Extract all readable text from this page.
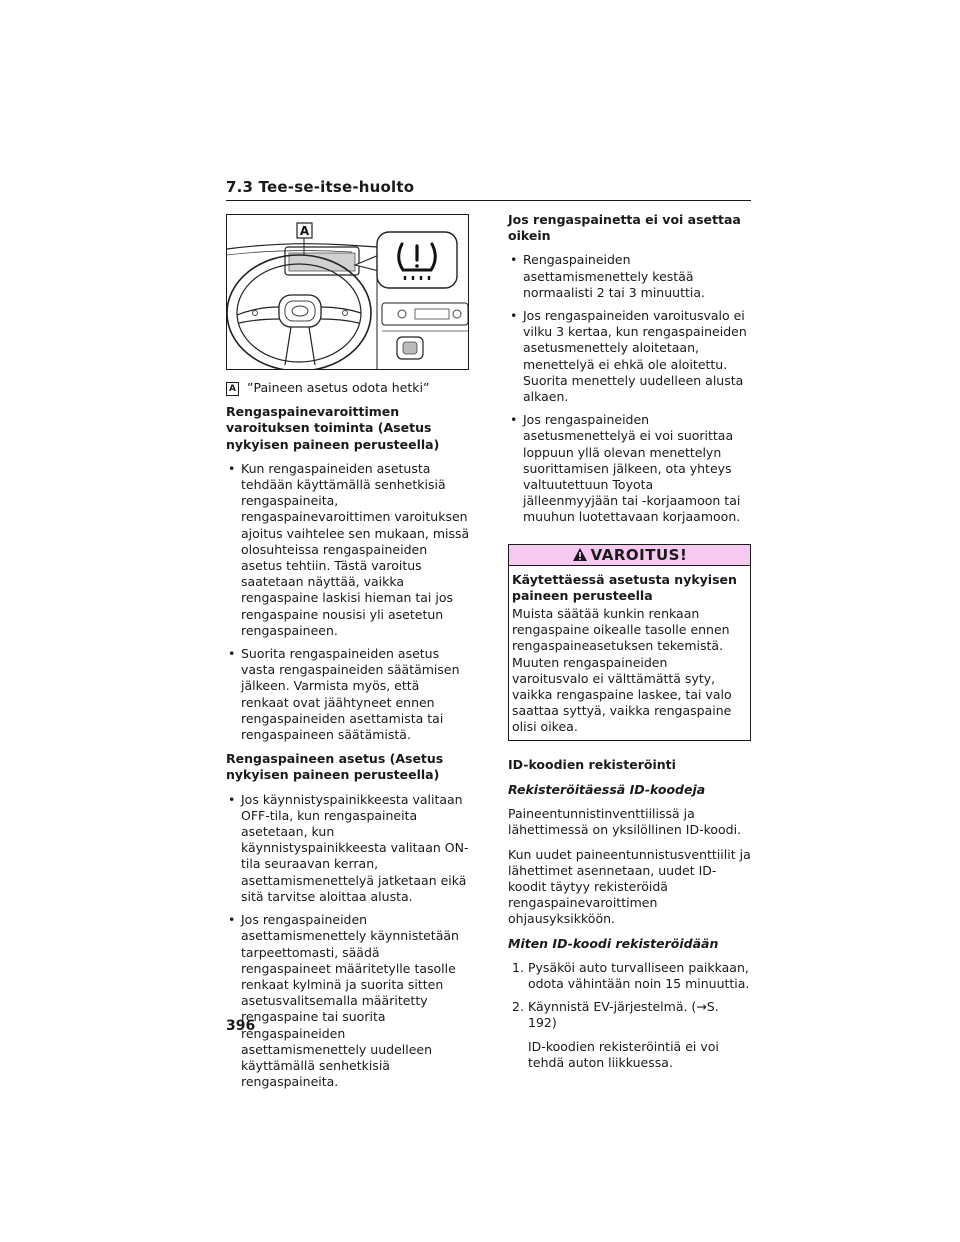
7.3 Tee-se-itse-huolto
A
A ”Paineen asetus odota hetki”
Rengaspainevaroittimen varoituksen toiminta (Asetus nykyisen paineen perusteella)
• Kun rengaspaineiden asetusta tehdään käyttämällä senhetkisiä rengaspaineita, rengaspainevaroittimen varoituksen ajoitus vaihtelee sen mukaan, missä olosuhteissa rengaspaineiden asetus tehtiin. Tästä varoitus saatetaan näyttää, vaikka rengaspaine laskisi hieman tai jos rengaspaine nousisi yli asetetun rengaspaineen.
• Suorita rengaspaineiden asetus vasta rengaspaineiden säätämisen jälkeen. Varmista myös, että renkaat ovat jäähtyneet ennen rengaspaineiden asettamista tai rengaspaineen säätämistä.
Rengaspaineen asetus (Asetus nykyisen paineen perusteella)
• Jos käynnistyspainikkeesta valitaan OFF-tila, kun rengaspaineita asetetaan, kun käynnistyspainikkeesta valitaan ON-tila seuraavan kerran, asettamismenettelyä jatketaan eikä sitä tarvitse aloittaa alusta.
• Jos rengaspaineiden asettamismenettely käynnistetään tarpeettomasti, säädä rengaspaineet määritetylle tasolle renkaat kylminä ja suorita sitten asetusvalitsemalla määritetty rengaspaine tai suorita rengaspaineiden asettamismenettely uudelleen käyttämällä senhetkisiä rengaspaineita.
Jos rengaspainetta ei voi asettaa oikein
• Rengaspaineiden asettamismenettely kestää normaalisti 2 tai 3 minuuttia.
• Jos rengaspaineiden varoitusvalo ei vilku 3 kertaa, kun rengaspaineiden asetusmenettely aloitetaan, menettelyä ei ehkä ole aloitettu. Suorita menettely uudelleen alusta alkaen.
• Jos rengaspaineiden asetusmenettelyä ei voi suorittaa loppuun yllä olevan menettelyn suorittamisen jälkeen, ota yhteys valtuutettuun Toyota jälleenmyyjään tai -korjaamoon tai muuhun luotettavaan korjaamoon.
VAROITUS!
Käytettäessä asetusta nykyisen paineen perusteella
Muista säätää kunkin renkaan rengaspaine oikealle tasolle ennen rengaspaineasetuksen tekemistä. Muuten rengaspaineiden varoitusvalo ei välttämättä syty, vaikka rengaspaine laskee, tai valo saattaa syttyä, vaikka rengaspaine olisi oikea.
ID-koodien rekisteröinti
Rekisteröitäessä ID-koodeja

Paineentunnistinventtiilissä ja lähettimessä on yksilöllinen ID-koodi.

Kun uudet paineentunnistusventtiilit ja lähettimet asennetaan, uudet ID-koodit täytyy rekisteröidä rengaspainevaroittimen ohjausyksikköön.

Miten ID-koodi rekisteröidään
1. Pysäköi auto turvalliseen paikkaan, odota vähintään noin 15 minuuttia.
2. Käynnistä EV-järjestelmä. (→S. 192)
ID-koodien rekisteröintiä ei voi tehdä auton liikkuessa.
396
